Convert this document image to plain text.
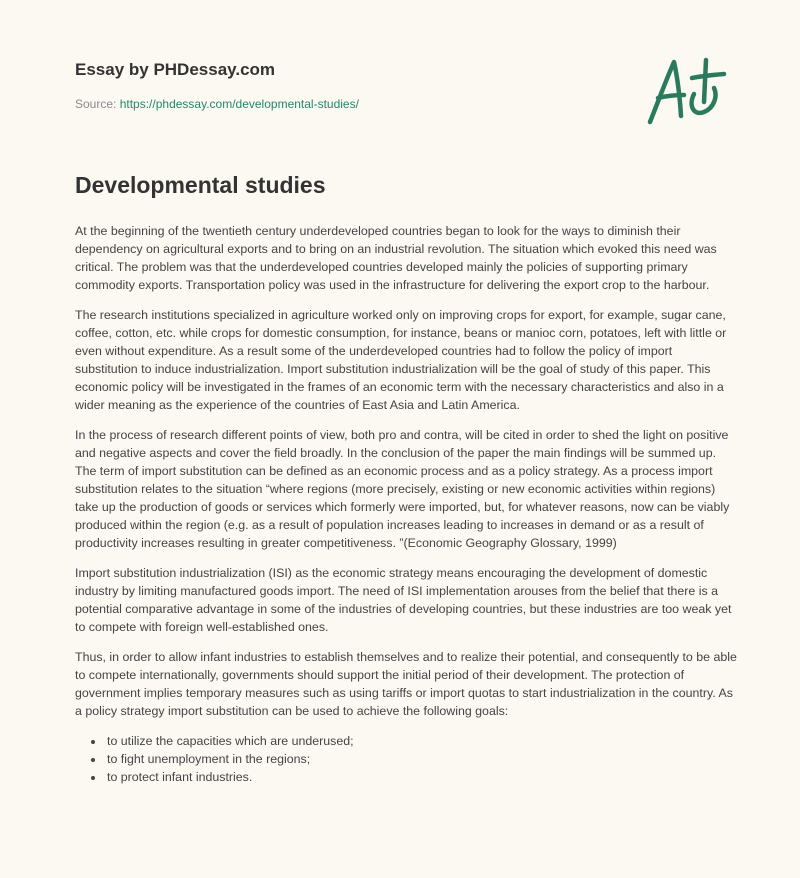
Essay by PHDessay.com

Source: https://phdessay.com/developmental-studies/

Developmental studies

At the beginning of the twentieth century underdeveloped countries began to look for the ways to diminish their dependency on agricultural exports and to bring on an industrial revolution. The situation which evoked this need was critical. The problem was that the underdeveloped countries developed mainly the policies of supporting primary commodity exports. Transportation policy was used in the infrastructure for delivering the export crop to the harbour.

The research institutions specialized in agriculture worked only on improving crops for export, for example, sugar cane, coffee, cotton, etc. while crops for domestic consumption, for instance, beans or manioc corn, potatoes, left with little or even without expenditure. As a result some of the underdeveloped countries had to follow the policy of import substitution to induce industrialization. Import substitution industrialization will be the goal of study of this paper. This economic policy will be investigated in the frames of an economic term with the necessary characteristics and also in a wider meaning as the experience of the countries of East Asia and Latin America.

In the process of research different points of view, both pro and contra, will be cited in order to shed the light on positive and negative aspects and cover the field broadly. In the conclusion of the paper the main findings will be summed up. The term of import substitution can be defined as an economic process and as a policy strategy. As a process import substitution relates to the situation “where regions (more precisely, existing or new economic activities within regions) take up the production of goods or services which formerly were imported, but, for whatever reasons, now can be viably produced within the region (e.g. as a result of population increases leading to increases in demand or as a result of productivity increases resulting in greater competitiveness. ”(Economic Geography Glossary, 1999)

Import substitution industrialization (ISI) as the economic strategy means encouraging the development of domestic industry by limiting manufactured goods import. The need of ISI implementation arouses from the belief that there is a potential comparative advantage in some of the industries of developing countries, but these industries are too weak yet to compete with foreign well-established ones.

Thus, in order to allow infant industries to establish themselves and to realize their potential, and consequently to be able to compete internationally, governments should support the initial period of their development. The protection of government implies temporary measures such as using tariffs or import quotas to start industrialization in the country. As a policy strategy import substitution can be used to achieve the following goals:

• to utilize the capacities which are underused;
• to fight unemployment in the regions;
• to protect infant industries.
